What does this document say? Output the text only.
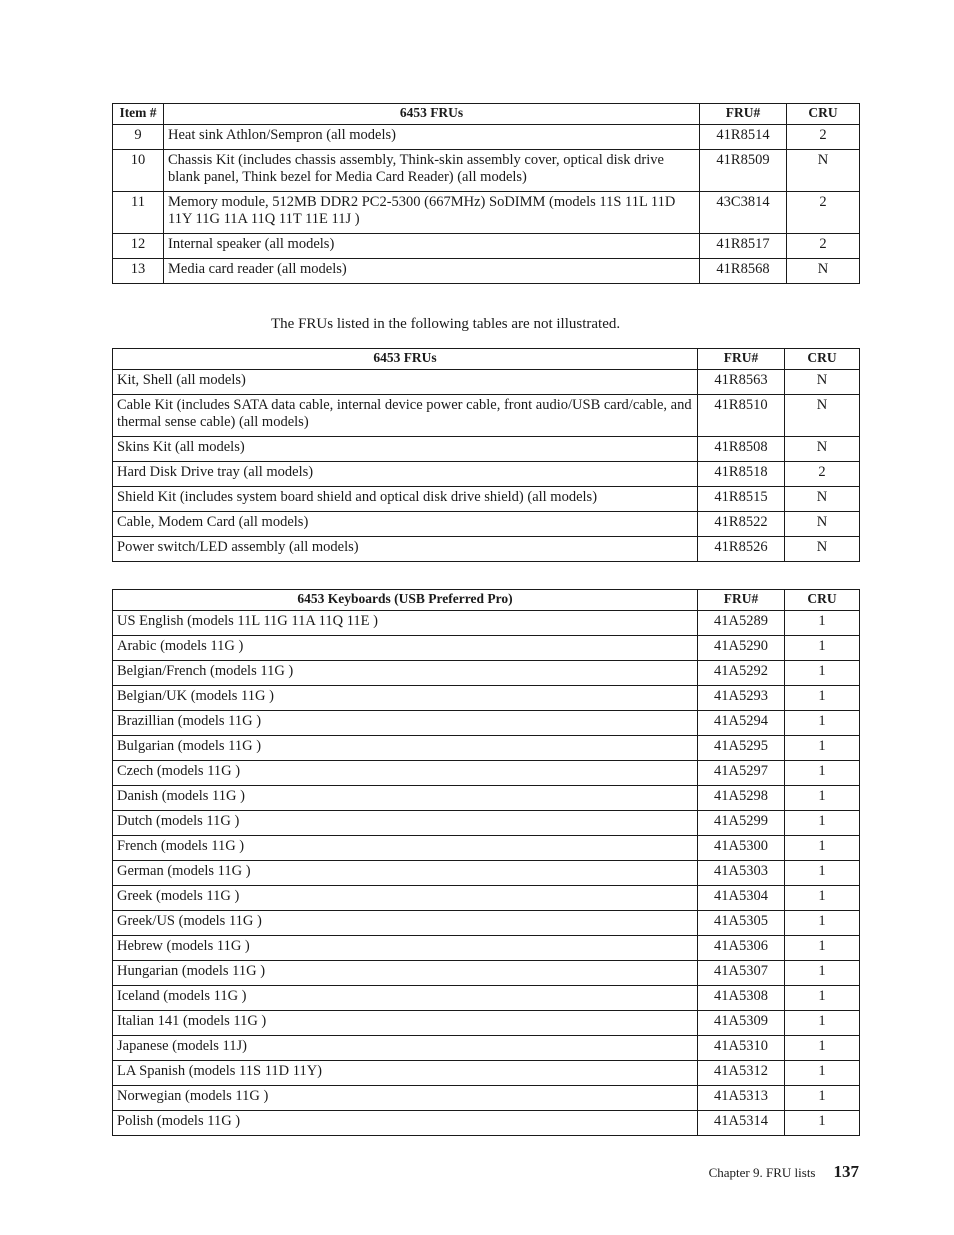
Item #	6453 FRUs	FRU#	CRU
9	Heat sink Athlon/Sempron (all models)	41R8514	2
10	Chassis Kit (includes chassis assembly, Think-skin assembly cover, optical disk drive blank panel, Think bezel for Media Card Reader) (all models)	41R8509	N
11	Memory module, 512MB DDR2 PC2-5300 (667MHz) SoDIMM (models 11S 11L 11D 11Y 11G 11A 11Q 11T 11E 11J )	43C3814	2
12	Internal speaker (all models)	41R8517	2
13	Media card reader (all models)	41R8568	N
The FRUs listed in the following tables are not illustrated.
6453 FRUs	FRU#	CRU
Kit, Shell (all models)	41R8563	N
Cable Kit (includes SATA data cable, internal device power cable, front audio/USB card/cable, and thermal sense cable) (all models)	41R8510	N
Skins Kit (all models)	41R8508	N
Hard Disk Drive tray (all models)	41R8518	2
Shield Kit (includes system board shield and optical disk drive shield) (all models)	41R8515	N
Cable, Modem Card (all models)	41R8522	N
Power switch/LED assembly (all models)	41R8526	N
6453 Keyboards (USB Preferred Pro)	FRU#	CRU
US English (models 11L 11G 11A 11Q 11E )	41A5289	1
Arabic (models 11G )	41A5290	1
Belgian/French (models 11G )	41A5292	1
Belgian/UK (models 11G )	41A5293	1
Brazillian (models 11G )	41A5294	1
Bulgarian (models 11G )	41A5295	1
Czech (models 11G )	41A5297	1
Danish (models 11G )	41A5298	1
Dutch (models 11G )	41A5299	1
French (models 11G )	41A5300	1
German (models 11G )	41A5303	1
Greek (models 11G )	41A5304	1
Greek/US (models 11G )	41A5305	1
Hebrew (models 11G )	41A5306	1
Hungarian (models 11G )	41A5307	1
Iceland (models 11G )	41A5308	1
Italian 141 (models 11G )	41A5309	1
Japanese (models 11J)	41A5310	1
LA Spanish (models 11S 11D 11Y)	41A5312	1
Norwegian (models 11G )	41A5313	1
Polish (models 11G )	41A5314	1
Chapter 9. FRU lists 137
